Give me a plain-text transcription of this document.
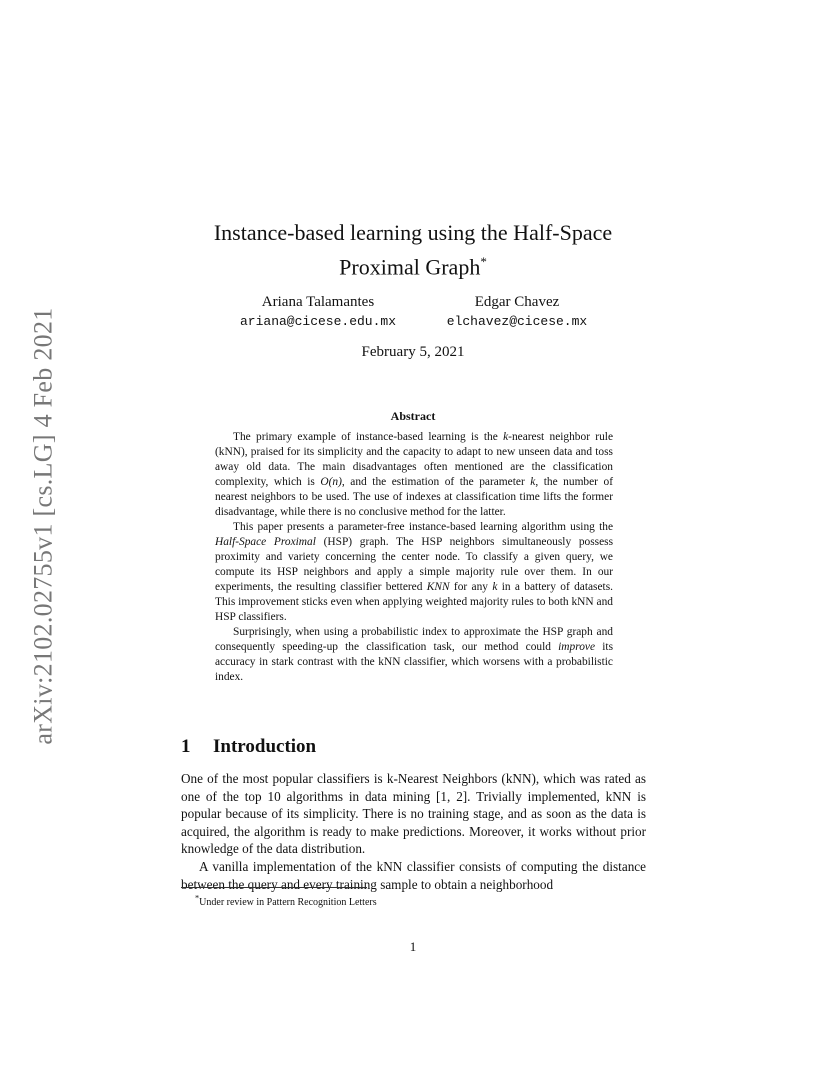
arXiv:2102.02755v1 [cs.LG] 4 Feb 2021
Instance-based learning using the Half-Space
Proximal Graph*
Ariana Talamantes
ariana@cicese.edu.mx
Edgar Chavez
elchavez@cicese.mx
February 5, 2021
Abstract

The primary example of instance-based learning is the k-nearest neighbor rule (kNN), praised for its simplicity and the capacity to adapt to new unseen data and toss away old data. The main disadvantages often mentioned are the classification complexity, which is O(n), and the estimation of the parameter k, the number of nearest neighbors to be used. The use of indexes at classification time lifts the former disadvantage, while there is no conclusive method for the latter.

This paper presents a parameter-free instance-based learning algorithm using the Half-Space Proximal (HSP) graph. The HSP neighbors simultaneously possess proximity and variety concerning the center node. To classify a given query, we compute its HSP neighbors and apply a simple majority rule over them. In our experiments, the resulting classifier bettered KNN for any k in a battery of datasets. This improvement sticks even when applying weighted majority rules to both kNN and HSP classifiers.

Surprisingly, when using a probabilistic index to approximate the HSP graph and consequently speeding-up the classification task, our method could improve its accuracy in stark contrast with the kNN classifier, which worsens with a probabilistic index.

1 Introduction

One of the most popular classifiers is k-Nearest Neighbors (kNN), which was rated as one of the top 10 algorithms in data mining [1, 2]. Trivially implemented, kNN is popular because of its simplicity. There is no training stage, and as soon as the data is acquired, the algorithm is ready to make predictions. Moreover, it works without prior knowledge of the data distribution.

A vanilla implementation of the kNN classifier consists of computing the distance between the query and every training sample to obtain a neighborhood

*Under review in Pattern Recognition Letters
1
